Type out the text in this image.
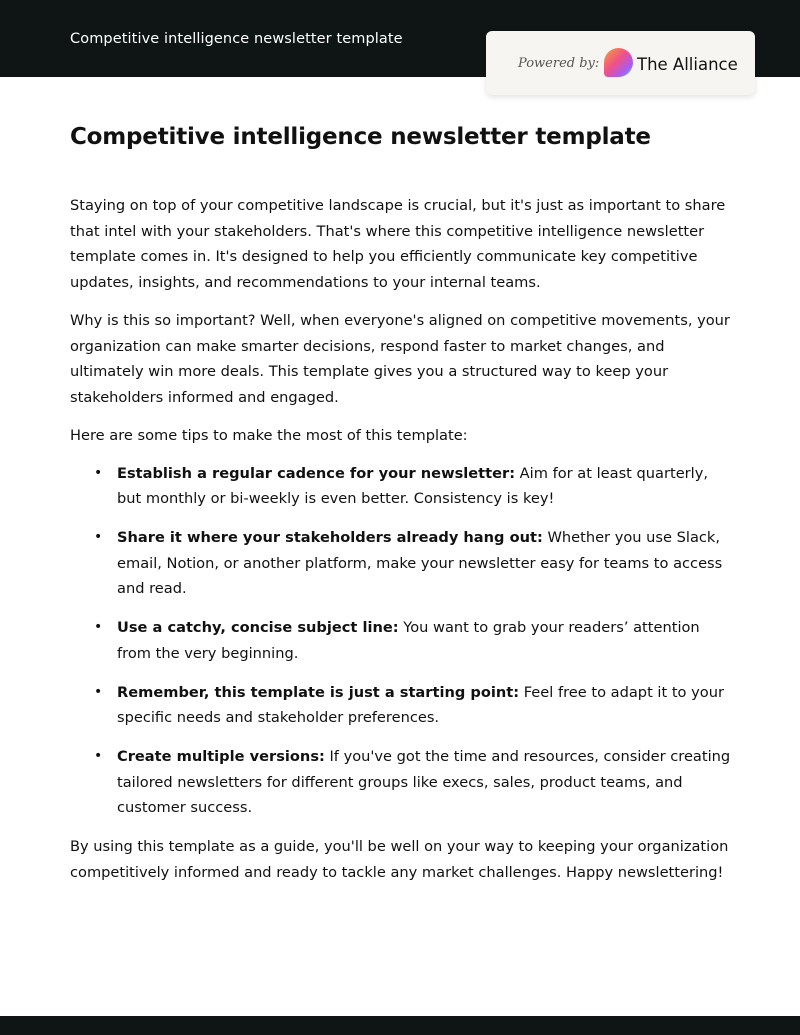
Competitive intelligence newsletter template
Powered by: The Alliance
Competitive intelligence newsletter template

Staying on top of your competitive landscape is crucial, but it's just as important to share that intel with your stakeholders. That's where this competitive intelligence newsletter template comes in. It's designed to help you efficiently communicate key competitive updates, insights, and recommendations to your internal teams.

Why is this so important? Well, when everyone's aligned on competitive movements, your organization can make smarter decisions, respond faster to market changes, and ultimately win more deals. This template gives you a structured way to keep your stakeholders informed and engaged.

Here are some tips to make the most of this template:

• Establish a regular cadence for your newsletter: Aim for at least quarterly, but monthly or bi-weekly is even better. Consistency is key!
• Share it where your stakeholders already hang out: Whether you use Slack, email, Notion, or another platform, make your newsletter easy for teams to access and read.
• Use a catchy, concise subject line: You want to grab your readers’ attention from the very beginning.
• Remember, this template is just a starting point: Feel free to adapt it to your specific needs and stakeholder preferences.
• Create multiple versions: If you've got the time and resources, consider creating tailored newsletters for different groups like execs, sales, product teams, and customer success.

By using this template as a guide, you'll be well on your way to keeping your organization competitively informed and ready to tackle any market challenges. Happy newslettering!
